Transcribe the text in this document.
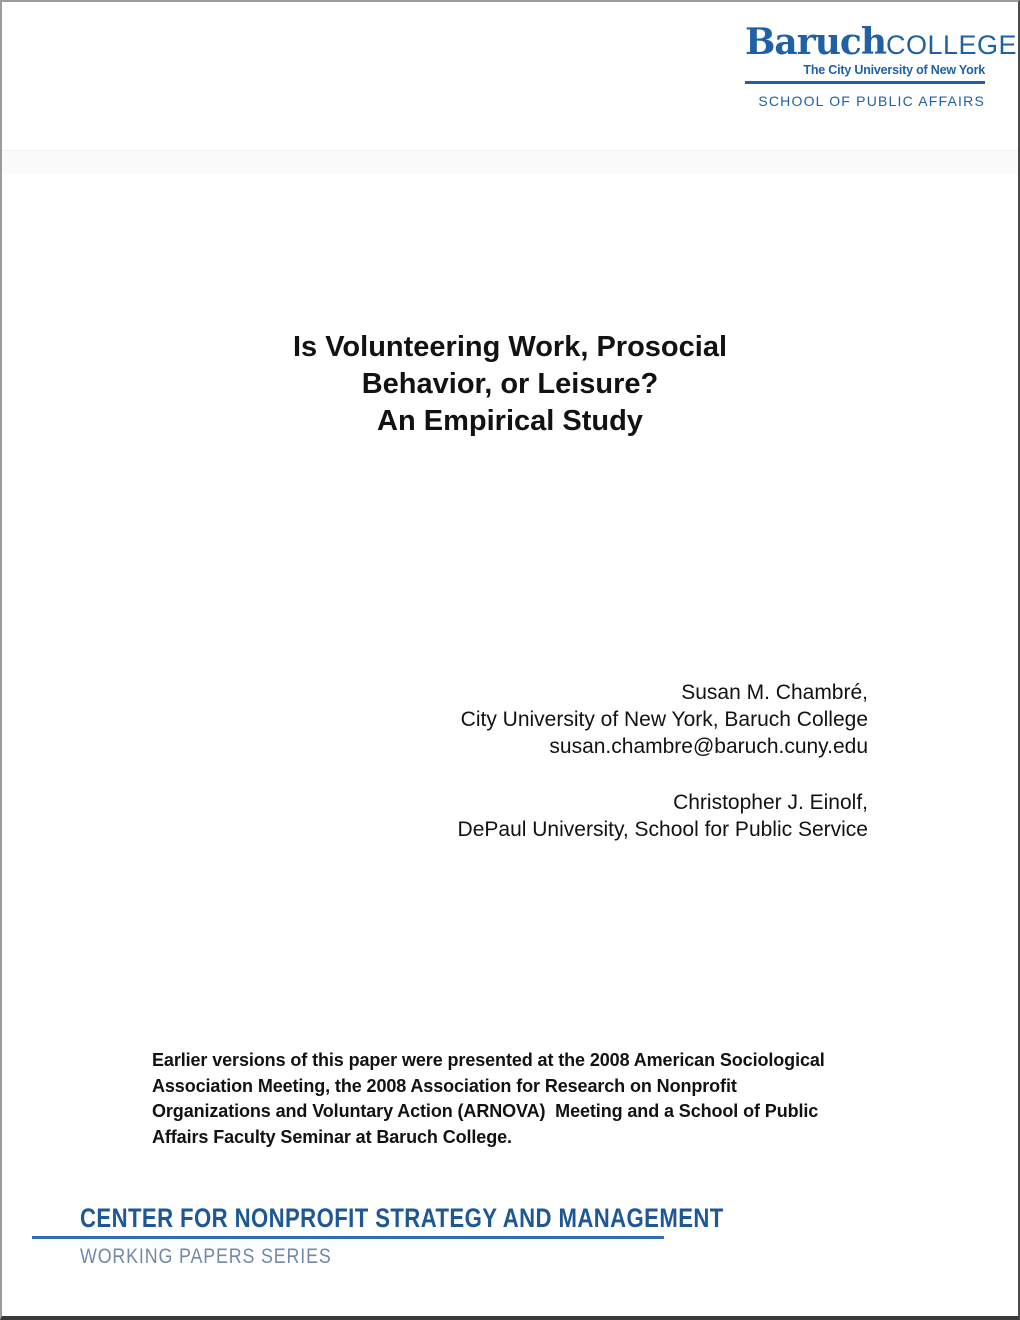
BaruchCOLLEGE
The City University of New York
SCHOOL OF PUBLIC AFFAIRS
Is Volunteering Work, Prosocial
Behavior, or Leisure?
An Empirical Study
Susan M. Chambré,
City University of New York, Baruch College
susan.chambre@baruch.cuny.edu
Christopher J. Einolf,
DePaul University, School for Public Service
Earlier versions of this paper were presented at the 2008 American Sociological
Association Meeting, the 2008 Association for Research on Nonprofit
Organizations and Voluntary Action (ARNOVA)  Meeting and a School of Public
Affairs Faculty Seminar at Baruch College.
CENTER FOR NONPROFIT STRATEGY AND MANAGEMENT
WORKING PAPERS SERIES
